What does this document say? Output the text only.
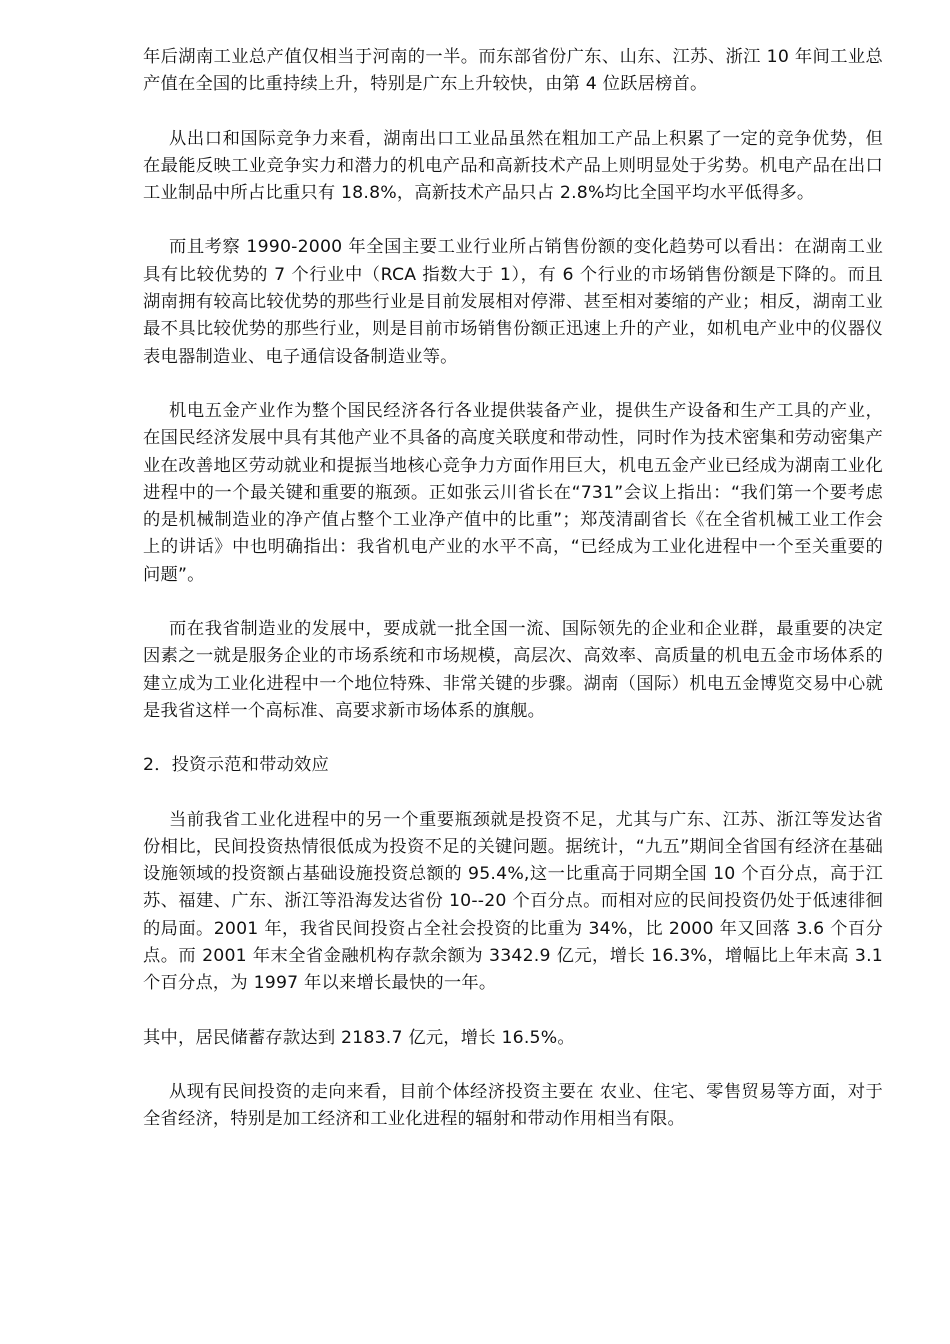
年后湖南工业总产值仅相当于河南的一半。而东部省份广东、山东、江苏、浙江 10 年间工业总产值在全国的比重持续上升，特别是广东上升较快，由第 4 位跃居榜首。

从出口和国际竞争力来看，湖南出口工业品虽然在粗加工产品上积累了一定的竞争优势，但在最能反映工业竞争实力和潜力的机电产品和高新技术产品上则明显处于劣势。机电产品在出口工业制品中所占比重只有 18.8%，高新技术产品只占 2.8%均比全国平均水平低得多。

而且考察 1990-2000 年全国主要工业行业所占销售份额的变化趋势可以看出：在湖南工业具有比较优势的 7 个行业中（RCA 指数大于 1），有 6 个行业的市场销售份额是下降的。而且湖南拥有较高比较优势的那些行业是目前发展相对停滞、甚至相对萎缩的产业；相反，湖南工业最不具比较优势的那些行业，则是目前市场销售份额正迅速上升的产业，如机电产业中的仪器仪表电器制造业、电子通信设备制造业等。

机电五金产业作为整个国民经济各行各业提供装备产业，提供生产设备和生产工具的产业，在国民经济发展中具有其他产业不具备的高度关联度和带动性，同时作为技术密集和劳动密集产业在改善地区劳动就业和提振当地核心竞争力方面作用巨大，机电五金产业已经成为湖南工业化进程中的一个最关键和重要的瓶颈。正如张云川省长在“731”会议上指出：“我们第一个要考虑的是机械制造业的净产值占整个工业净产值中的比重”；郑茂清副省长《在全省机械工业工作会上的讲话》中也明确指出：我省机电产业的水平不高，“已经成为工业化进程中一个至关重要的问题”。

而在我省制造业的发展中，要成就一批全国一流、国际领先的企业和企业群，最重要的决定因素之一就是服务企业的市场系统和市场规模，高层次、高效率、高质量的机电五金市场体系的建立成为工业化进程中一个地位特殊、非常关键的步骤。湖南（国际）机电五金博览交易中心就是我省这样一个高标准、高要求新市场体系的旗舰。

2．投资示范和带动效应

当前我省工业化进程中的另一个重要瓶颈就是投资不足，尤其与广东、江苏、浙江等发达省份相比，民间投资热情很低成为投资不足的关键问题。据统计，“九五”期间全省国有经济在基础设施领域的投资额占基础设施投资总额的 95.4%,这一比重高于同期全国 10 个百分点，高于江苏、福建、广东、浙江等沿海发达省份 10--20 个百分点。而相对应的民间投资仍处于低速徘徊的局面。2001 年，我省民间投资占全社会投资的比重为 34%，比 2000 年又回落 3.6 个百分点。而 2001 年末全省金融机构存款余额为 3342.9 亿元，增长 16.3%，增幅比上年末高 3.1 个百分点，为 1997 年以来增长最快的一年。

其中，居民储蓄存款达到 2183.7 亿元，增长 16.5%。

从现有民间投资的走向来看，目前个体经济投资主要在 农业、住宅、零售贸易等方面，对于全省经济，特别是加工经济和工业化进程的辐射和带动作用相当有限。
